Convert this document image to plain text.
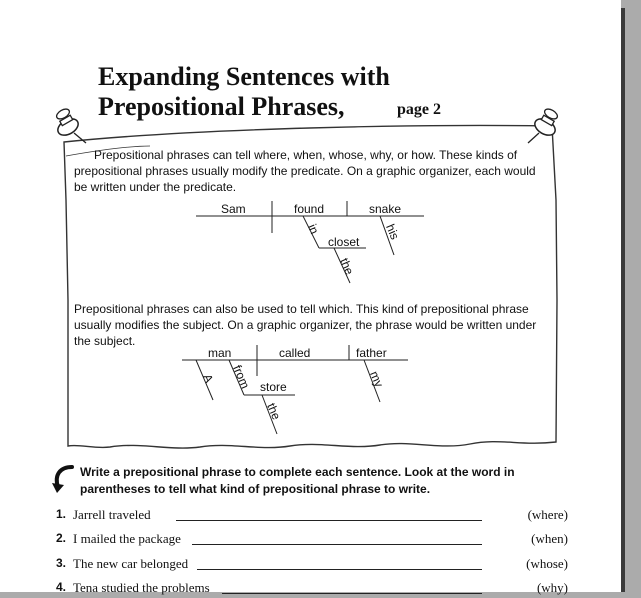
Expanding Sentences with
Prepositional Phrases,	page 2

Prepositional phrases can tell where, when, whose, why, or how. These kinds of prepositional phrases usually modify the predicate. On a graphic organizer, each would be written under the predicate.

Sam	found	snake
closet
in
the
his

Prepositional phrases can also be used to tell which. This kind of prepositional phrase usually modifies the subject. On a graphic organizer, the phrase would be written under the subject.

man	called	father
store
A from
the
my

Write a prepositional phrase to complete each sentence. Look at the word in parentheses to tell what kind of prepositional phrase to write.

1. Jarrell traveled	(where)
2. I mailed the package	(when)
3. The new car belonged	(whose)
4. Tena studied the problems	(why)
